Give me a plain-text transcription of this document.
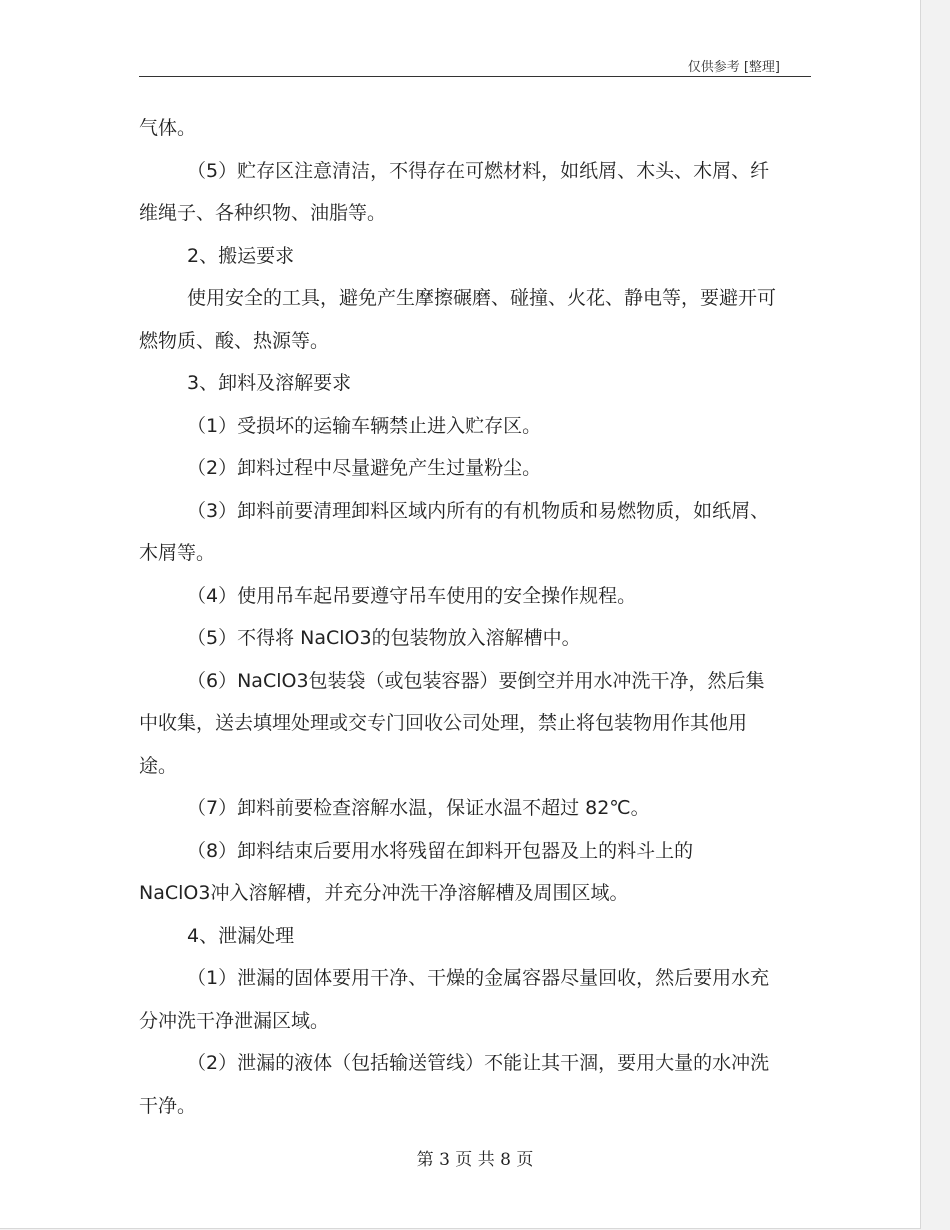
仅供参考 [整理]

气体。

（5）贮存区注意清洁，不得存在可燃材料，如纸屑、木头、木屑、纤维绳子、各种织物、油脂等。

2、搬运要求

使用安全的工具，避免产生摩擦碾磨、碰撞、火花、静电等，要避开可燃物质、酸、热源等。

3、卸料及溶解要求

（1）受损坏的运输车辆禁止进入贮存区。

（2）卸料过程中尽量避免产生过量粉尘。

（3）卸料前要清理卸料区域内所有的有机物质和易燃物质，如纸屑、木屑等。

（4）使用吊车起吊要遵守吊车使用的安全操作规程。

（5）不得将 NaClO3的包装物放入溶解槽中。

（6）NaClO3包装袋（或包装容器）要倒空并用水冲洗干净，然后集中收集，送去填埋处理或交专门回收公司处理，禁止将包装物用作其他用途。

（7）卸料前要检查溶解水温，保证水温不超过 82℃。

（8）卸料结束后要用水将残留在卸料开包器及上的料斗上的

NaClO3冲入溶解槽，并充分冲洗干净溶解槽及周围区域。

4、泄漏处理

（1）泄漏的固体要用干净、干燥的金属容器尽量回收，然后要用水充分冲洗干净泄漏区域。

（2）泄漏的液体（包括输送管线）不能让其干涸，要用大量的水冲洗干净。

第 3 页 共 8 页
